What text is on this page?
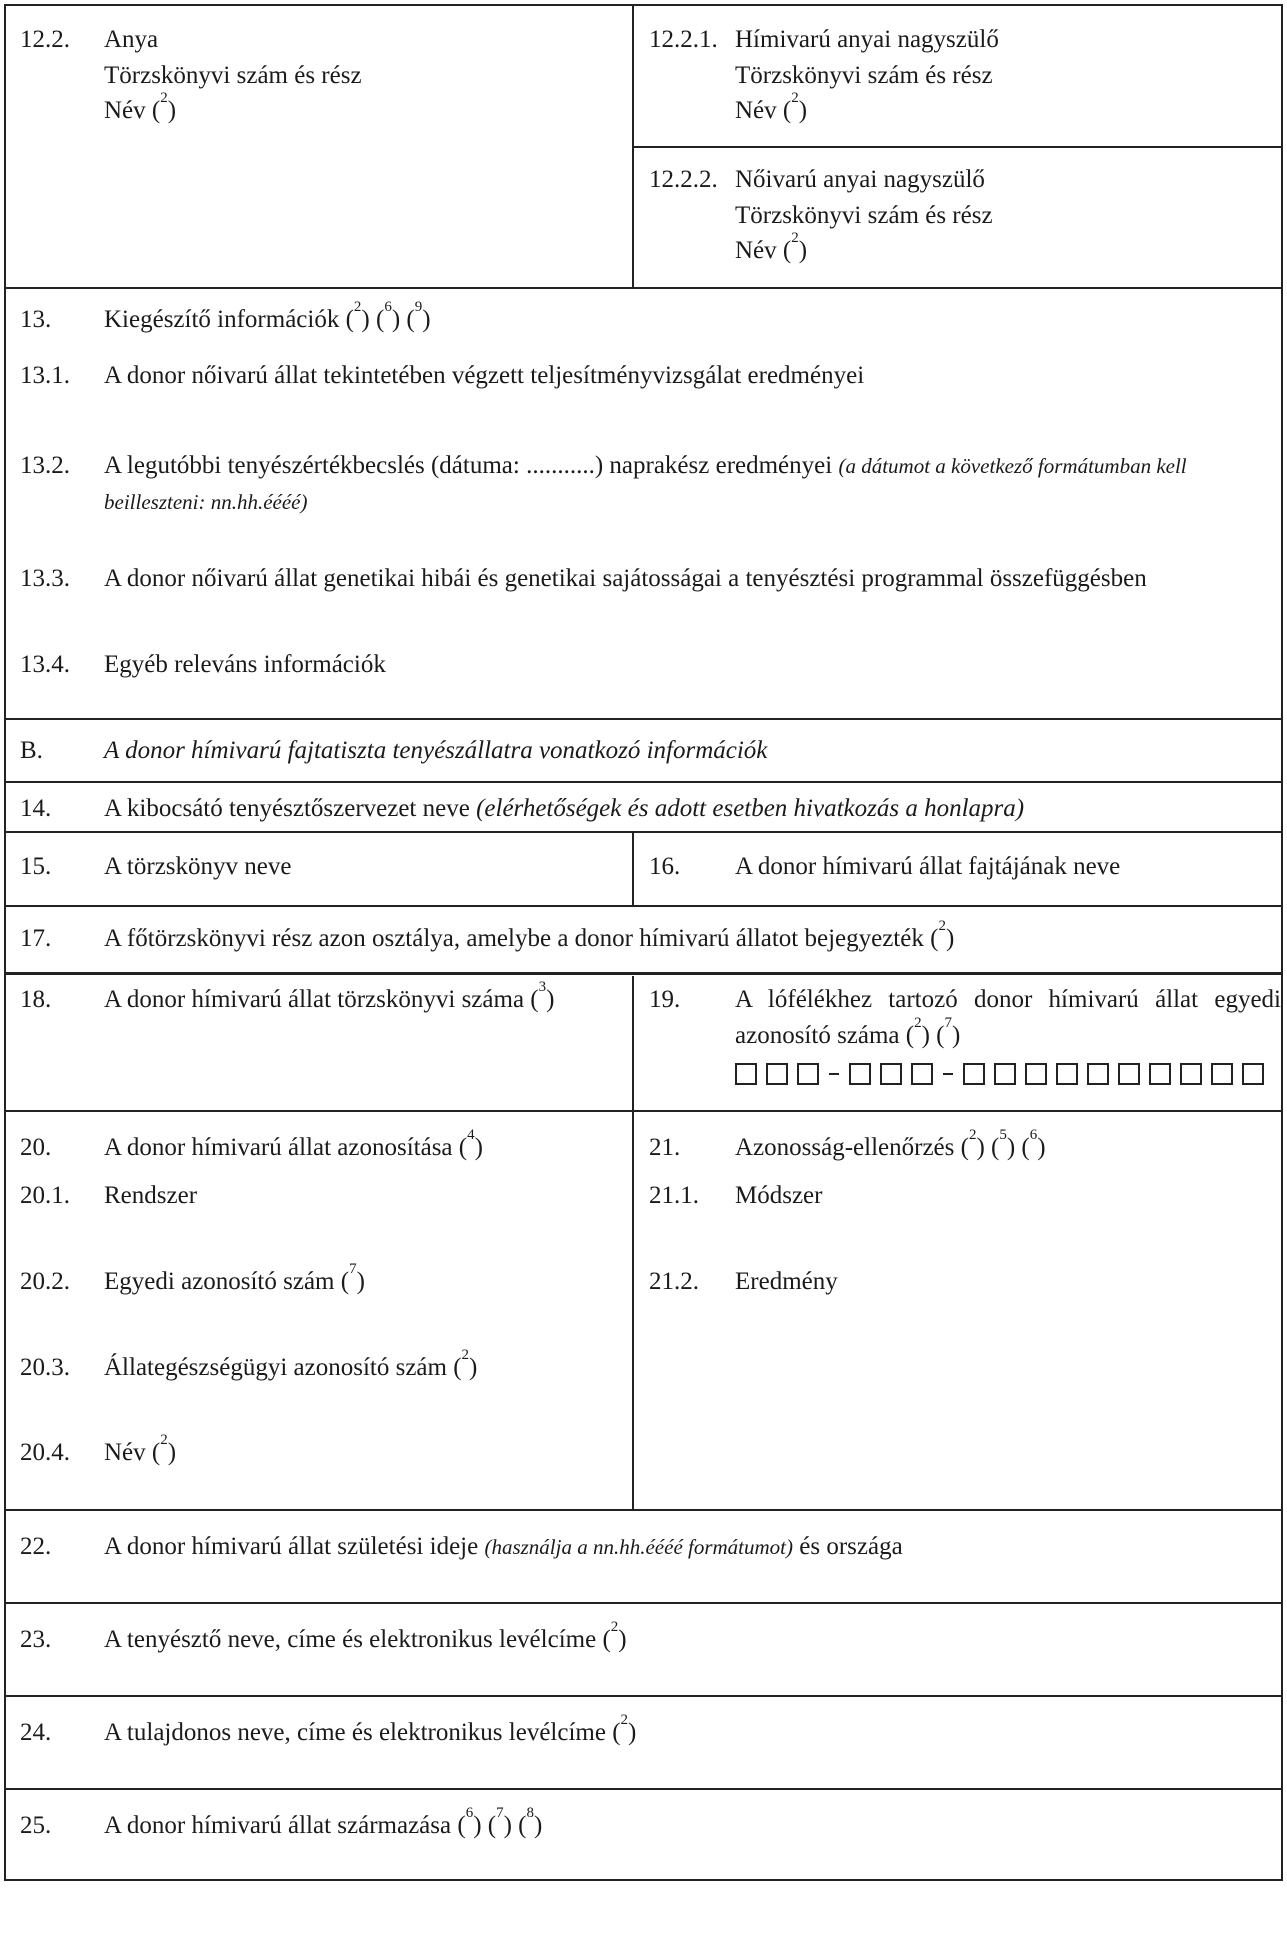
12.2.	Anya
Törzskönyvi szám és rész
Név ($^2$)
12.2.1. Hímivarú anyai nagyszülő
Törzskönyvi szám és rész
Név ($^2$)
12.2.2. Nőivarú anyai nagyszülő
Törzskönyvi szám és rész
Név ($^2$)
13.	Kiegészítő információk ($^2$) ($^6$) ($^9$)
13.1.	A donor nőivarú állat tekintetében végzett teljesítményvizsgálat eredményei
13.2. A legutóbbi tenyészértékbecslés (dátuma: ...........) naprakész eredményei (a dátumot a következő formátumban kell beilleszteni: nn.hh.éééé)
13.3.	A donor nőivarú állat genetikai hibái és genetikai sajátosságai a tenyésztési programmal összefüggésben
13.4.	Egyéb releváns információk
B.	A donor hímivarú fajtatiszta tenyészállatra vonatkozó információk
14.	A kibocsátó tenyésztőszervezet neve (elérhetőségek és adott esetben hivatkozás a honlapra)
15.	A törzskönyv neve	16.	A donor hímivarú állat fajtájának neve
17.	A főtörzskönyvi rész azon osztálya, amelybe a donor hímivarú állatot bejegyezték ($^2$)
18.	A donor hímivarú állat törzskönyvi száma ($^3$)	19.	A lófélékhez tartozó donor hímivarú állat egyedi azonosító száma ($^2$) ($^7$)
20.	A donor hímivarú állat azonosítása ($^4$)
20.1.	Rendszer
20.2.	Egyedi azonosító szám ($^7$)
20.3.	Állategészségügyi azonosító szám ($^2$)
20.4.	Név ($^2$)
21.	Azonosság-ellenőrzés ($^2$) ($^5$) ($^6$)
21.1.	Módszer
21.2.	Eredmény
22.	A donor hímivarú állat születési ideje (használja a nn.hh.éééé formátumot) és országa
23.	A tenyésztő neve, címe és elektronikus levélcíme ($^2$)
24.	A tulajdonos neve, címe és elektronikus levélcíme ($^2$)
25.	A donor hímivarú állat származása ($^6$) ($^7$) ($^8$)
